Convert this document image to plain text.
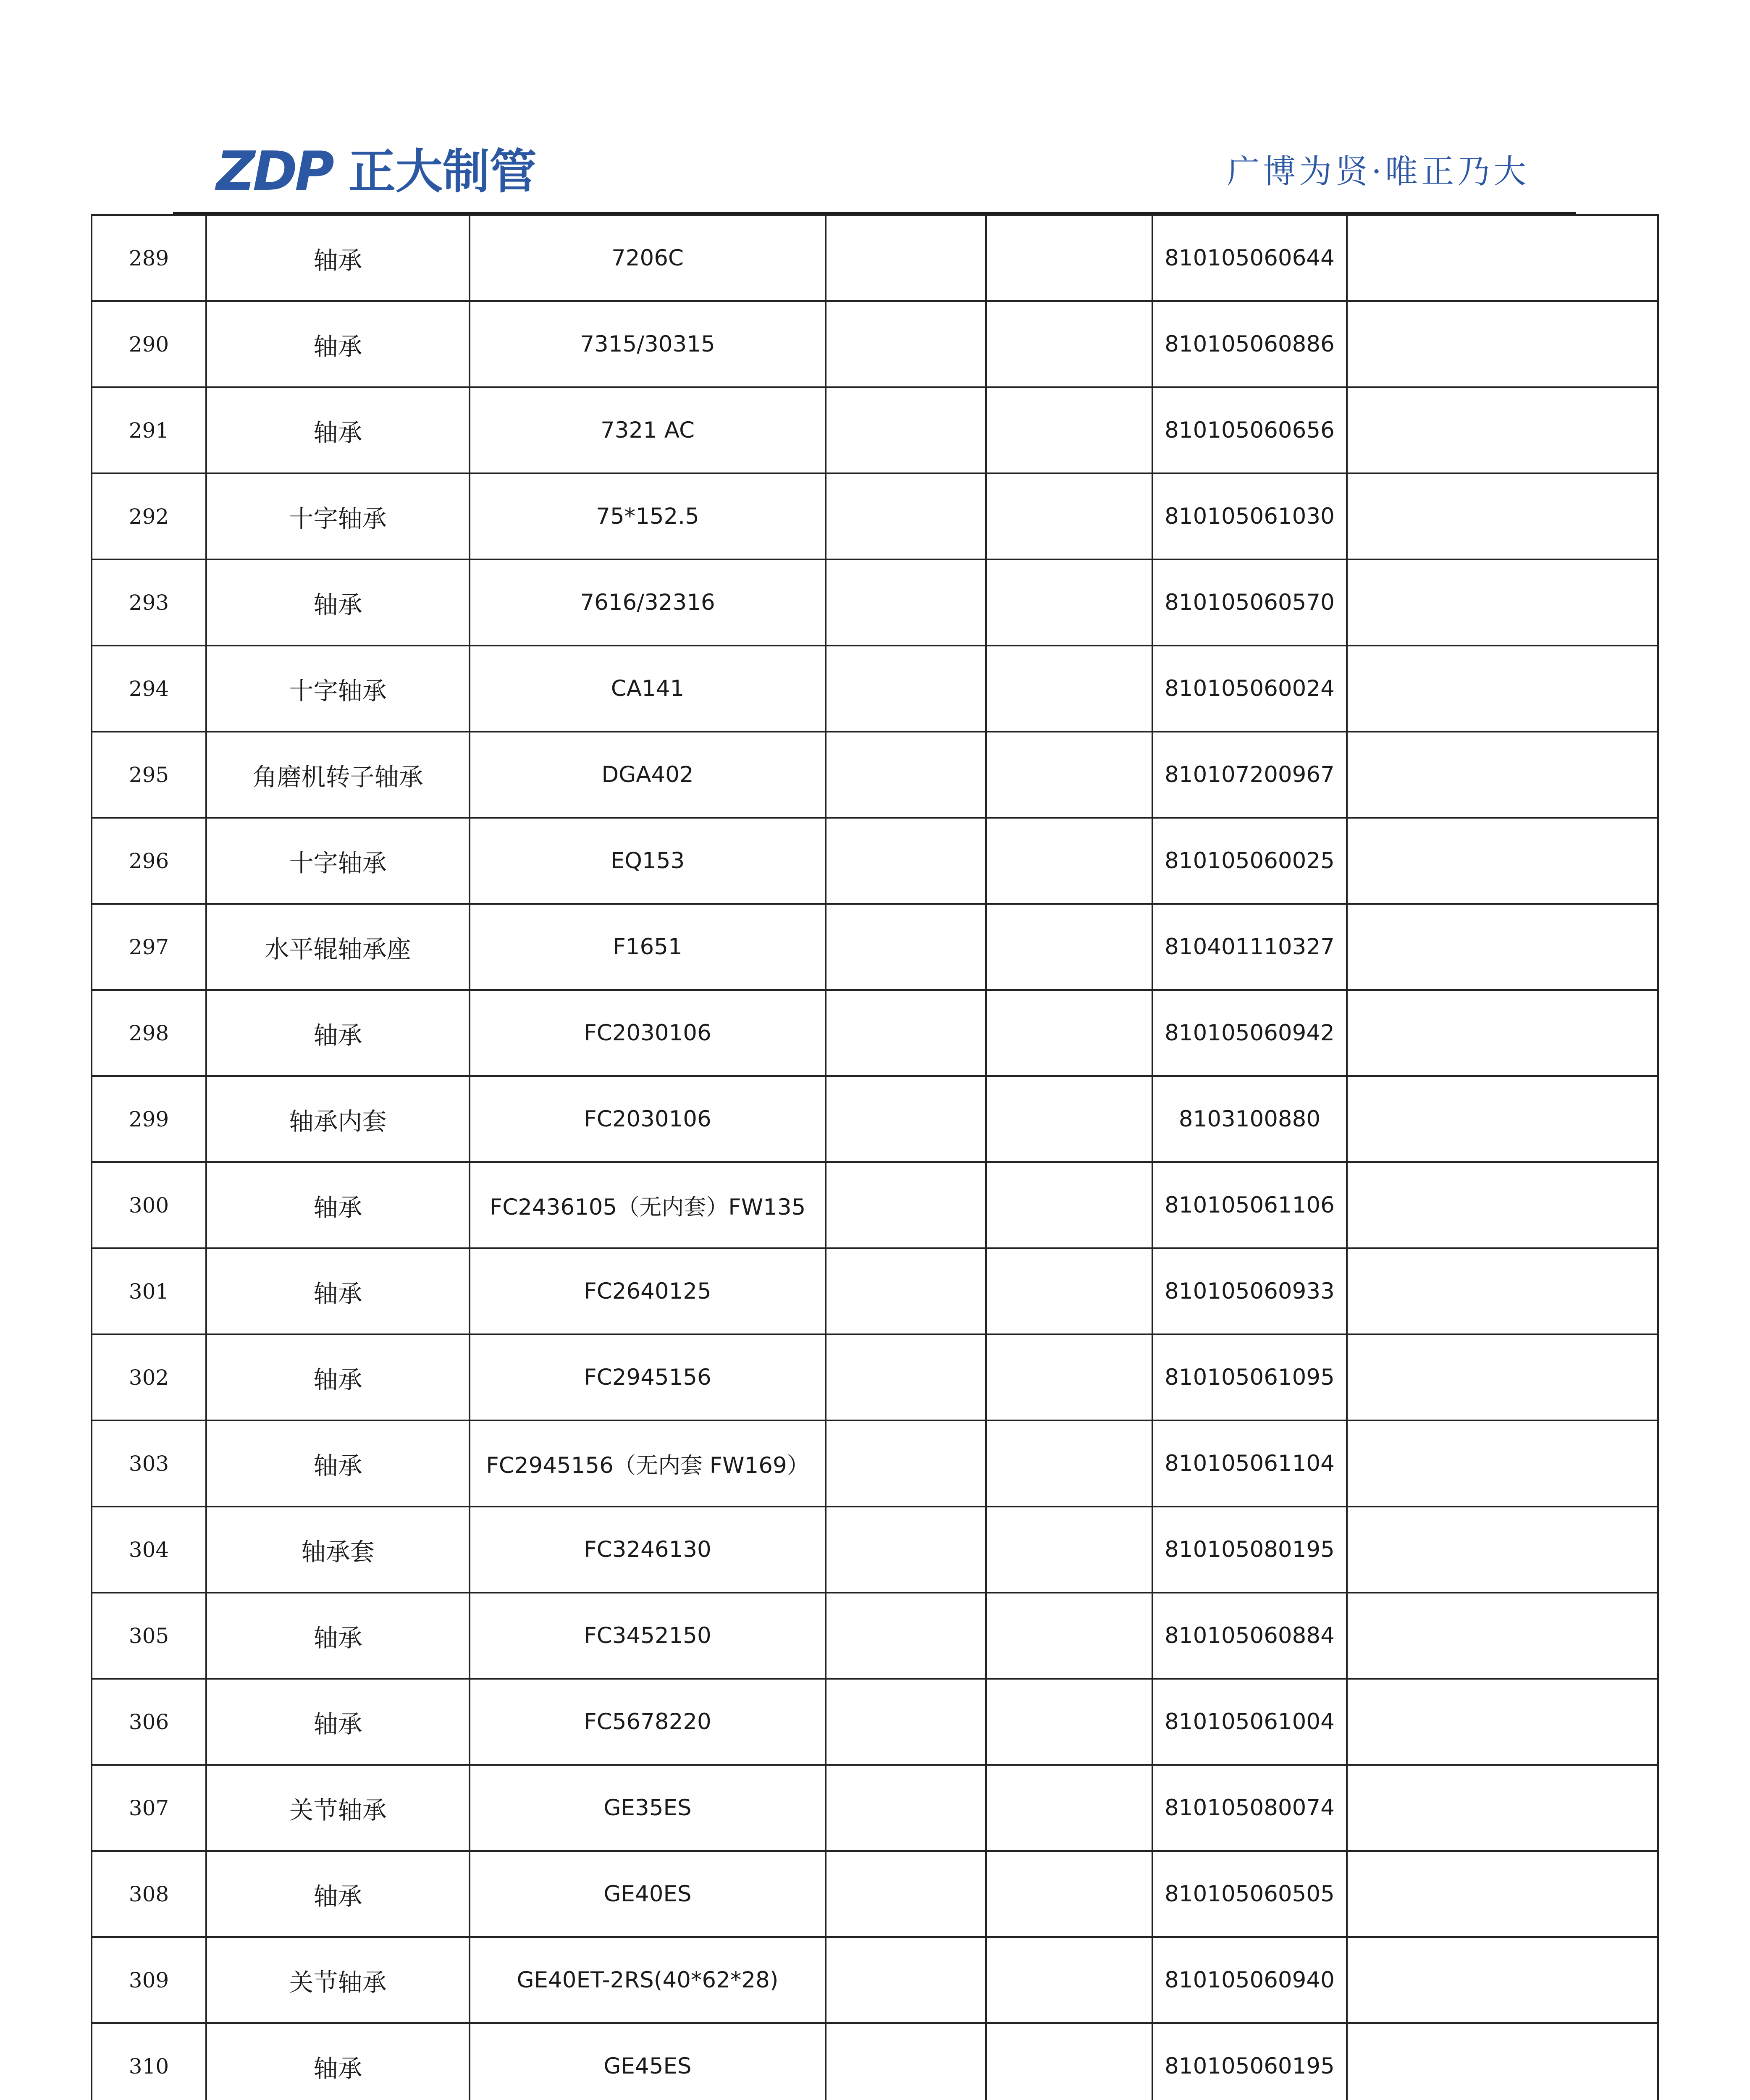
ZDP 正大制管	广博为贤·唯正乃大
289	轴承	7206C			810105060644	
290	轴承	7315/30315			810105060886	
291	轴承	7321 AC			810105060656	
292	十字轴承	75*152.5			810105061030	
293	轴承	7616/32316			810105060570	
294	十字轴承	CA141			810105060024	
295	角磨机转子轴承	DGA402			810107200967	
296	十字轴承	EQ153			810105060025	
297	水平辊轴承座	F1651			810401110327	
298	轴承	FC2030106			810105060942	
299	轴承内套	FC2030106			8103100880	
300	轴承	FC2436105（无内套）FW135			810105061106	
301	轴承	FC2640125			810105060933	
302	轴承	FC2945156			810105061095	
303	轴承	FC2945156（无内套 FW169）			810105061104	
304	轴承套	FC3246130			810105080195	
305	轴承	FC3452150			810105060884	
306	轴承	FC5678220			810105061004	
307	关节轴承	GE35ES			810105080074	
308	轴承	GE40ES			810105060505	
309	关节轴承	GE40ET-2RS(40*62*28)			810105060940	
310	轴承	GE45ES			810105060195	
